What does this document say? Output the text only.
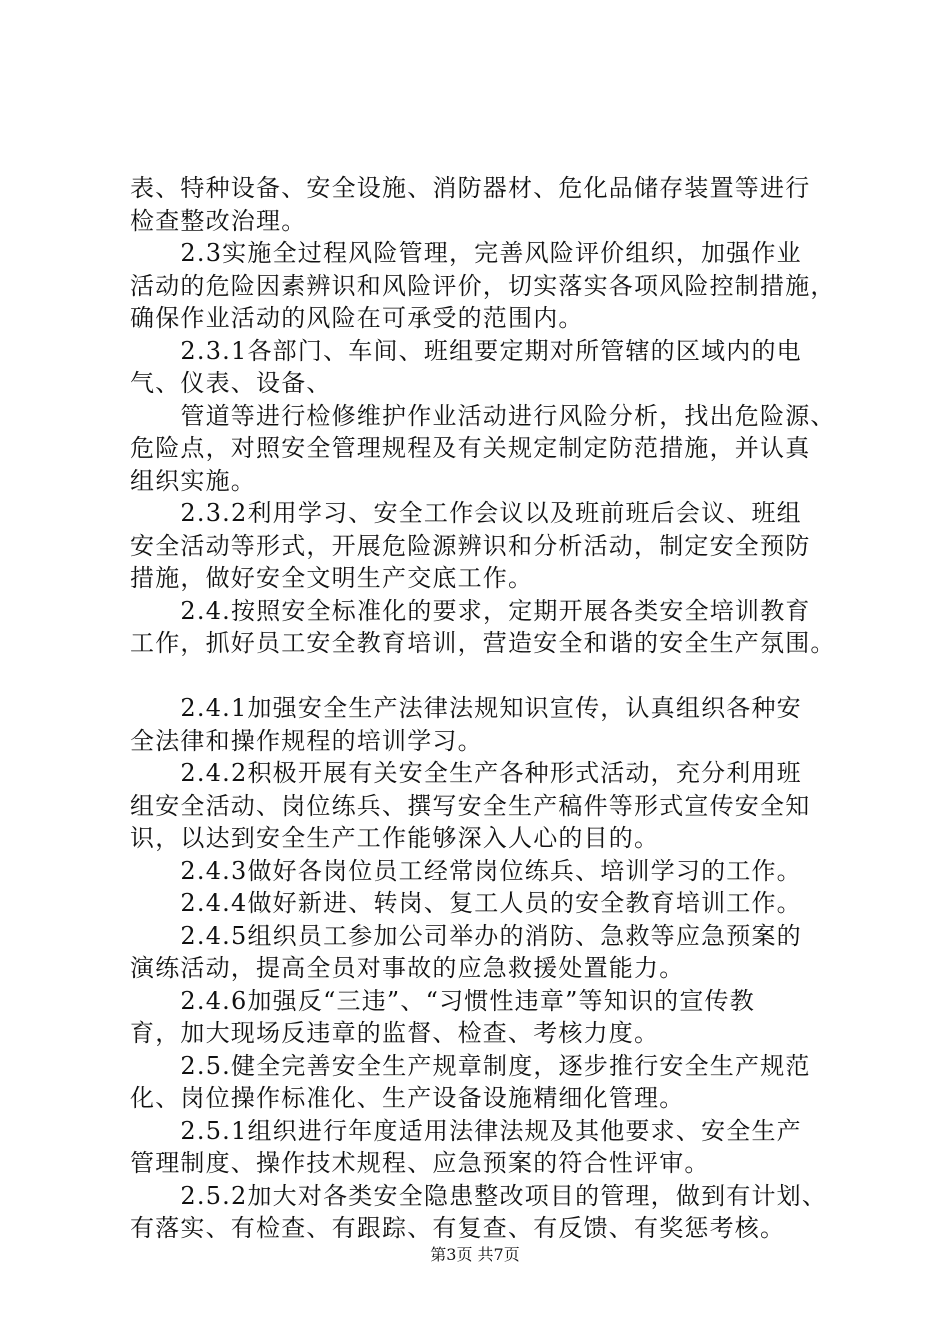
表、特种设备、安全设施、消防器材、危化品储存装置等进行
检查整改治理。
　　2.3实施全过程风险管理，完善风险评价组织，加强作业
活动的危险因素辨识和风险评价，切实落实各项风险控制措施，
确保作业活动的风险在可承受的范围内。
　　2.3.1各部门、车间、班组要定期对所管辖的区域内的电
气、仪表、设备、
　　管道等进行检修维护作业活动进行风险分析，找出危险源、
危险点，对照安全管理规程及有关规定制定防范措施，并认真
组织实施。
　　2.3.2利用学习、安全工作会议以及班前班后会议、班组
安全活动等形式，开展危险源辨识和分析活动，制定安全预防
措施，做好安全文明生产交底工作。
　　2.4.按照安全标准化的要求，定期开展各类安全培训教育
工作，抓好员工安全教育培训，营造安全和谐的安全生产氛围。
　　2.4.1加强安全生产法律法规知识宣传，认真组织各种安
全法律和操作规程的培训学习。
　　2.4.2积极开展有关安全生产各种形式活动，充分利用班
组安全活动、岗位练兵、撰写安全生产稿件等形式宣传安全知
识，以达到安全生产工作能够深入人心的目的。
　　2.4.3做好各岗位员工经常岗位练兵、培训学习的工作。
　　2.4.4做好新进、转岗、复工人员的安全教育培训工作。
　　2.4.5组织员工参加公司举办的消防、急救等应急预案的
演练活动，提高全员对事故的应急救援处置能力。
　　2.4.6加强反“三违”、“习惯性违章”等知识的宣传教
育，加大现场反违章的监督、检查、考核力度。
　　2.5.健全完善安全生产规章制度，逐步推行安全生产规范
化、岗位操作标准化、生产设备设施精细化管理。
　　2.5.1组织进行年度适用法律法规及其他要求、安全生产
管理制度、操作技术规程、应急预案的符合性评审。
　　2.5.2加大对各类安全隐患整改项目的管理，做到有计划、
有落实、有检查、有跟踪、有复查、有反馈、有奖惩考核。
第3页 共7页
